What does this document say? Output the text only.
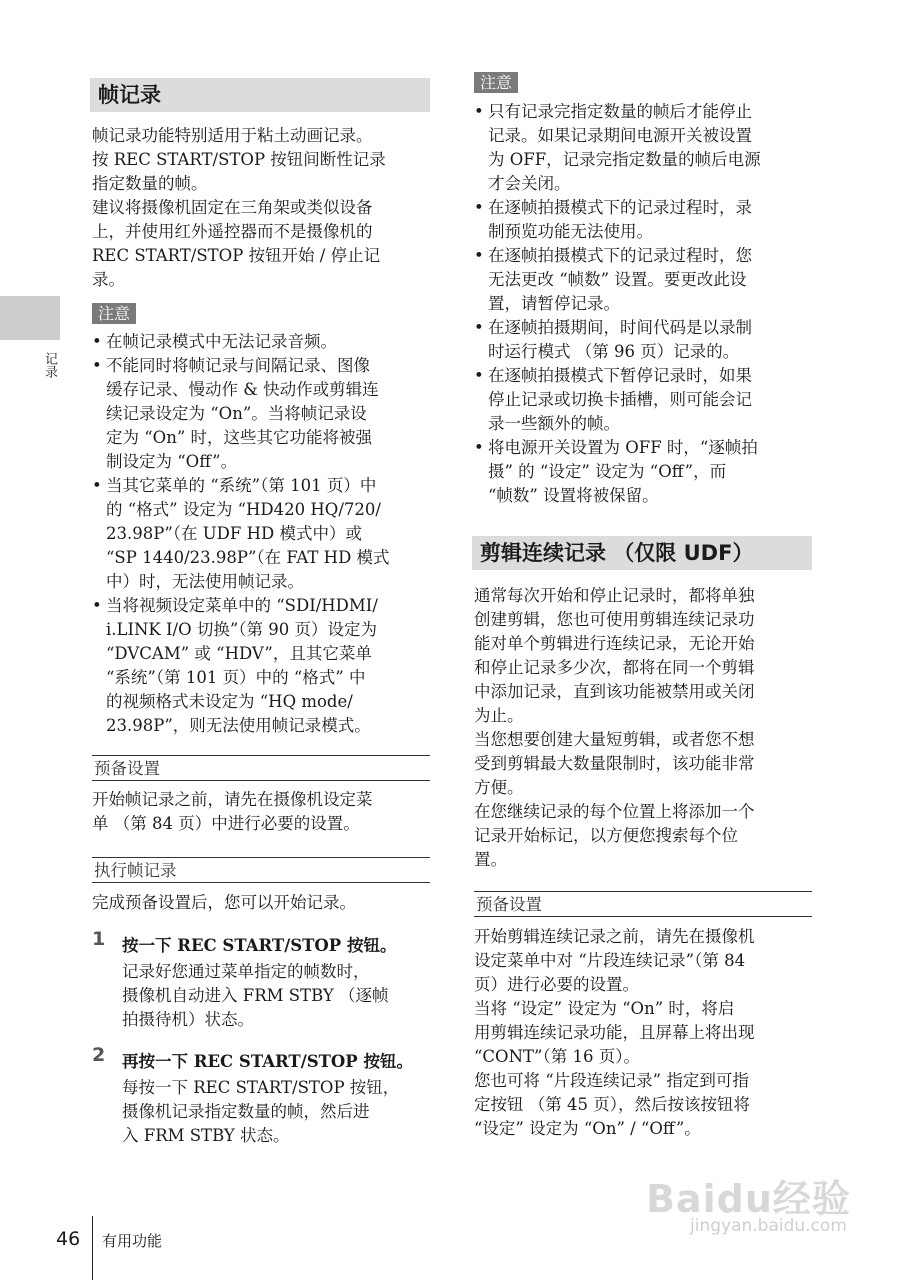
记录
帧记录

帧记录功能特别适用于粘土动画记录。

按 REC START/STOP 按钮间断性记录

指定数量的帧。

建议将摄像机固定在三角架或类似设备

上，并使用红外遥控器而不是摄像机的

REC START/STOP 按钮开始 / 停止记

录。

注意
• 在帧记录模式中无法记录音频。
• 不能同时将帧记录与间隔记录、图像
缓存记录、慢动作 & 快动作或剪辑连
续记录设定为 “On”。当将帧记录设
定为 “On” 时，这些其它功能将被强
制设定为 “Off”。
• 当其它菜单的 “系统”（第 101 页）中
的 “格式” 设定为 “HD420 HQ/720/
23.98P”（在 UDF HD 模式中）或
“SP 1440/23.98P”（在 FAT HD 模式
中）时，无法使用帧记录。
• 当将视频设定菜单中的 “SDI/HDMI/
i.LINK I/O 切换”（第 90 页）设定为
“DVCAM” 或 “HDV”，且其它菜单
“系统”（第 101 页）中的 “格式” 中
的视频格式未设定为 “HQ mode/
23.98P”，则无法使用帧记录模式。
预备设置

开始帧记录之前，请先在摄像机设定菜

单 （第 84 页）中进行必要的设置。

执行帧记录
完成预备设置后，您可以开始记录。
1 按一下 REC START/STOP 按钮。

记录好您通过菜单指定的帧数时，

摄像机自动进入 FRM STBY （逐帧

拍摄待机）状态。

2 再按一下 REC START/STOP 按钮。

每按一下 REC START/STOP 按钮，

摄像机记录指定数量的帧，然后进

入 FRM STBY 状态。

注意
• 只有记录完指定数量的帧后才能停止
记录。如果记录期间电源开关被设置
为 OFF，记录完指定数量的帧后电源
才会关闭。
• 在逐帧拍摄模式下的记录过程时，录
制预览功能无法使用。
• 在逐帧拍摄模式下的记录过程时，您
无法更改 “帧数” 设置。要更改此设
置，请暂停记录。
• 在逐帧拍摄期间，时间代码是以录制
时运行模式 （第 96 页）记录的。
• 在逐帧拍摄模式下暂停记录时，如果
停止记录或切换卡插槽，则可能会记
录一些额外的帧。
• 将电源开关设置为 OFF 时，“逐帧拍
摄” 的 “设定” 设定为 “Off”，而
“帧数” 设置将被保留。
剪辑连续记录 （仅限 UDF）

通常每次开始和停止记录时，都将单独

创建剪辑，您也可使用剪辑连续记录功

能对单个剪辑进行连续记录，无论开始

和停止记录多少次，都将在同一个剪辑

中添加记录，直到该功能被禁用或关闭

为止。

当您想要创建大量短剪辑，或者您不想

受到剪辑最大数量限制时，该功能非常

方便。

在您继续记录的每个位置上将添加一个

记录开始标记，以方便您搜索每个位

置。

预备设置

开始剪辑连续记录之前，请先在摄像机

设定菜单中对 “片段连续记录”（第 84

页）进行必要的设置。

当将 “设定” 设定为 “On” 时，将启

用剪辑连续记录功能，且屏幕上将出现

“CONT”（第 16 页）。

您也可将 “片段连续记录” 指定到可指

定按钮 （第 45 页），然后按该按钮将

“设定” 设定为 “On” / “Off”。

46 有用功能
Baidu经验
jingyan.baidu.com
